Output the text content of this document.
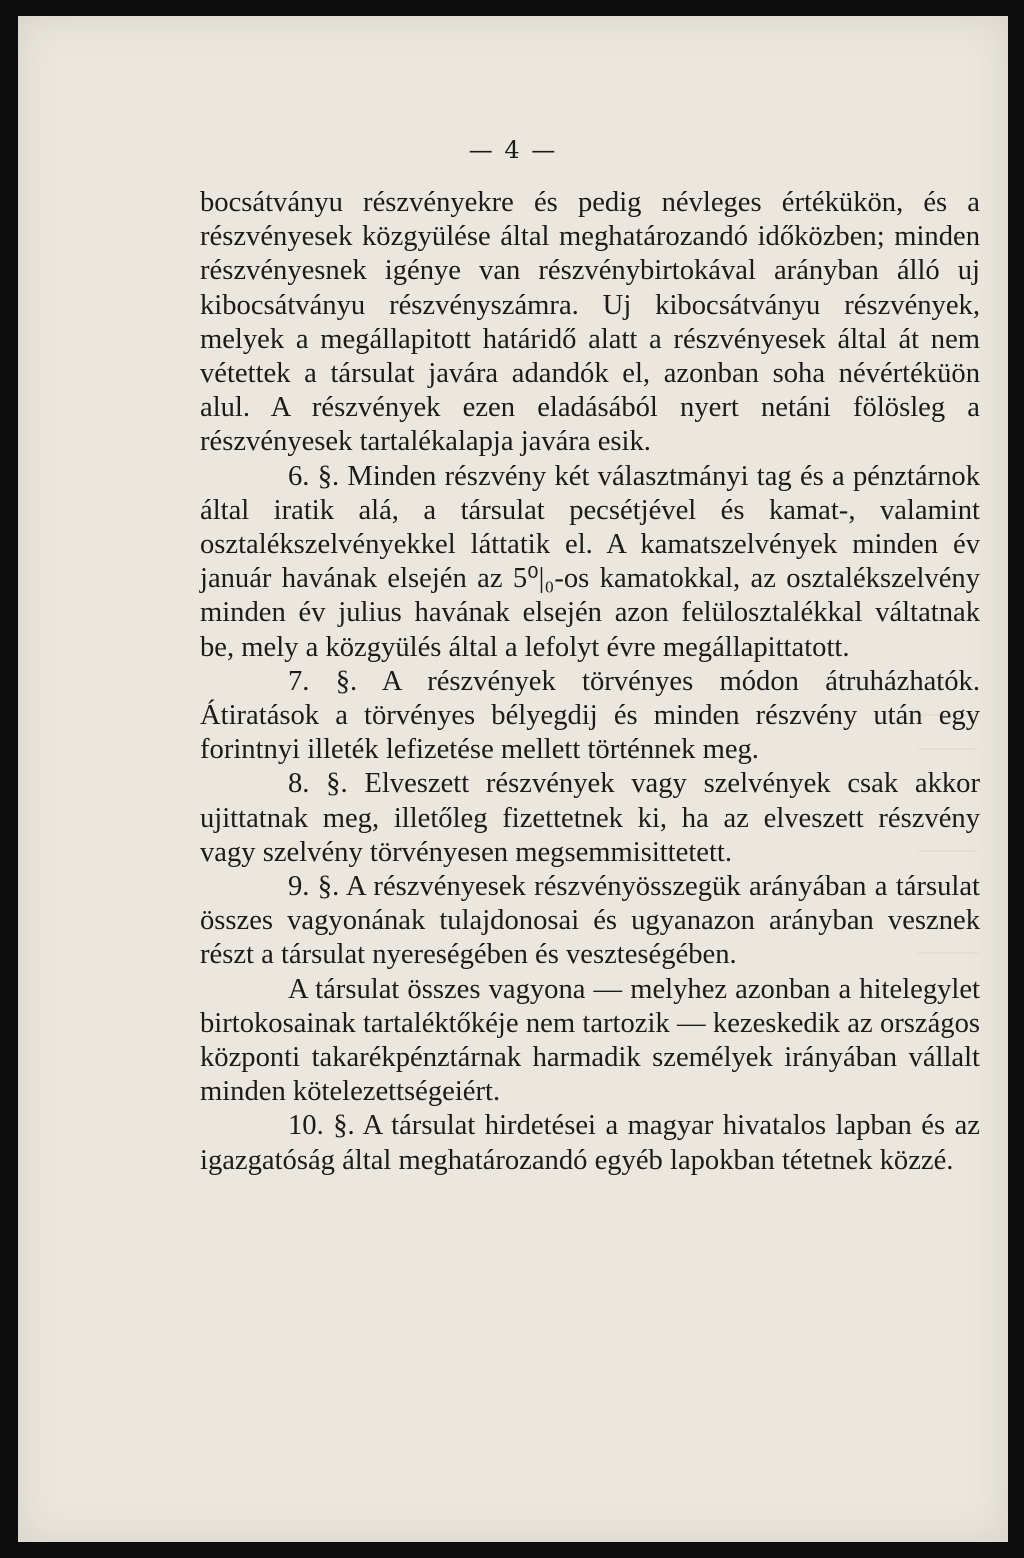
— 4 —

bocsátványu részvényekre és pedig névleges értékükön, és a részvényesek közgyülése által meghatározandó időközben; minden részvényesnek igénye van részvénybirtokával arányban álló uj kibocsátványu részvényszámra. Uj kibocsátványu részvények, melyek a megállapitott határidő alatt a részvényesek által át nem vétettek a társulat javára adandók el, azonban soha névértéküön alul. A részvények ezen eladásából nyert netáni fölösleg a részvényesek tartalékalapja javára esik.

6. §. Minden részvény két választmányi tag és a pénztárnok által iratik alá, a társulat pecsétjével és kamat-, valamint osztalékszelvényekkel láttatik el. A kamatszelvények minden év január havának elsején az 5⁰|₀-os kamatokkal, az osztalékszelvény minden év julius havának elsején azon felülosztalékkal váltatnak be, mely a közgyülés által a lefolyt évre megállapittatott.

7. §. A részvények törvényes módon átruházhatók. Átiratások a törvényes bélyegdij és minden részvény után egy forintnyi illeték lefizetése mellett történnek meg.

8. §. Elveszett részvények vagy szelvények csak akkor ujittatnak meg, illetőleg fizettetnek ki, ha az elveszett részvény vagy szelvény törvényesen megsemmisittetett.

9. §. A részvényesek részvényösszegük arányában a társulat összes vagyonának tulajdonosai és ugyanazon arányban vesznek részt a társulat nyereségében és veszteségében.

A társulat összes vagyona — melyhez azonban a hitelegylet birtokosainak tartaléktőkéje nem tartozik — kezeskedik az országos központi takarékpénztárnak harmadik személyek irányában vállalt minden kötelezettségeiért.

10. §. A társulat hirdetései a magyar hivatalos lapban és az igazgatóság által meghatározandó egyéb lapokban tétetnek közzé.
